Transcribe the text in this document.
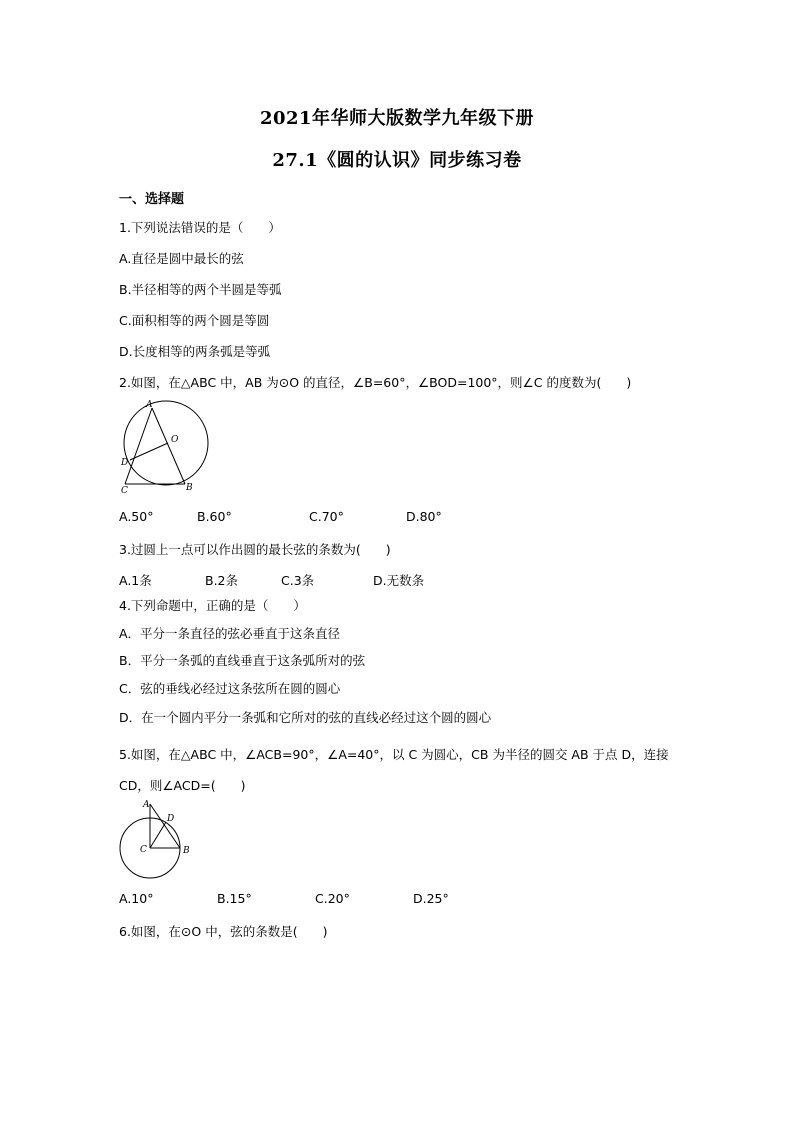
2021年华师大版数学九年级下册
27.1《圆的认识》同步练习卷
一、选择题
1.下列说法错误的是（　　）
A.直径是圆中最长的弦
B.半径相等的两个半圆是等弧
C.面积相等的两个圆是等圆
D.长度相等的两条弧是等弧
2.如图，在△ABC 中，AB 为⊙O 的直径，∠B=60°，∠BOD=100°，则∠C 的度数为(　　)
A
O
D
C	B
A.50°	B.60°	C.70°	D.80°
3.过圆上一点可以作出圆的最长弦的条数为(　　)
A.1条	B.2条	C.3条	D.无数条
4.下列命题中，正确的是（　　）
A．平分一条直径的弦必垂直于这条直径
B．平分一条弧的直线垂直于这条弧所对的弦
C．弦的垂线必经过这条弦所在圆的圆心
D．在一个圆内平分一条弧和它所对的弦的直线必经过这个圆的圆心
5.如图，在△ABC 中，∠ACB=90°，∠A=40°，以 C 为圆心，CB 为半径的圆交 AB 于点 D，连接
CD，则∠ACD=(　　)
A
D
C	B
A.10°	B.15°	C.20°	D.25°
6.如图，在⊙O 中，弦的条数是(　　)
